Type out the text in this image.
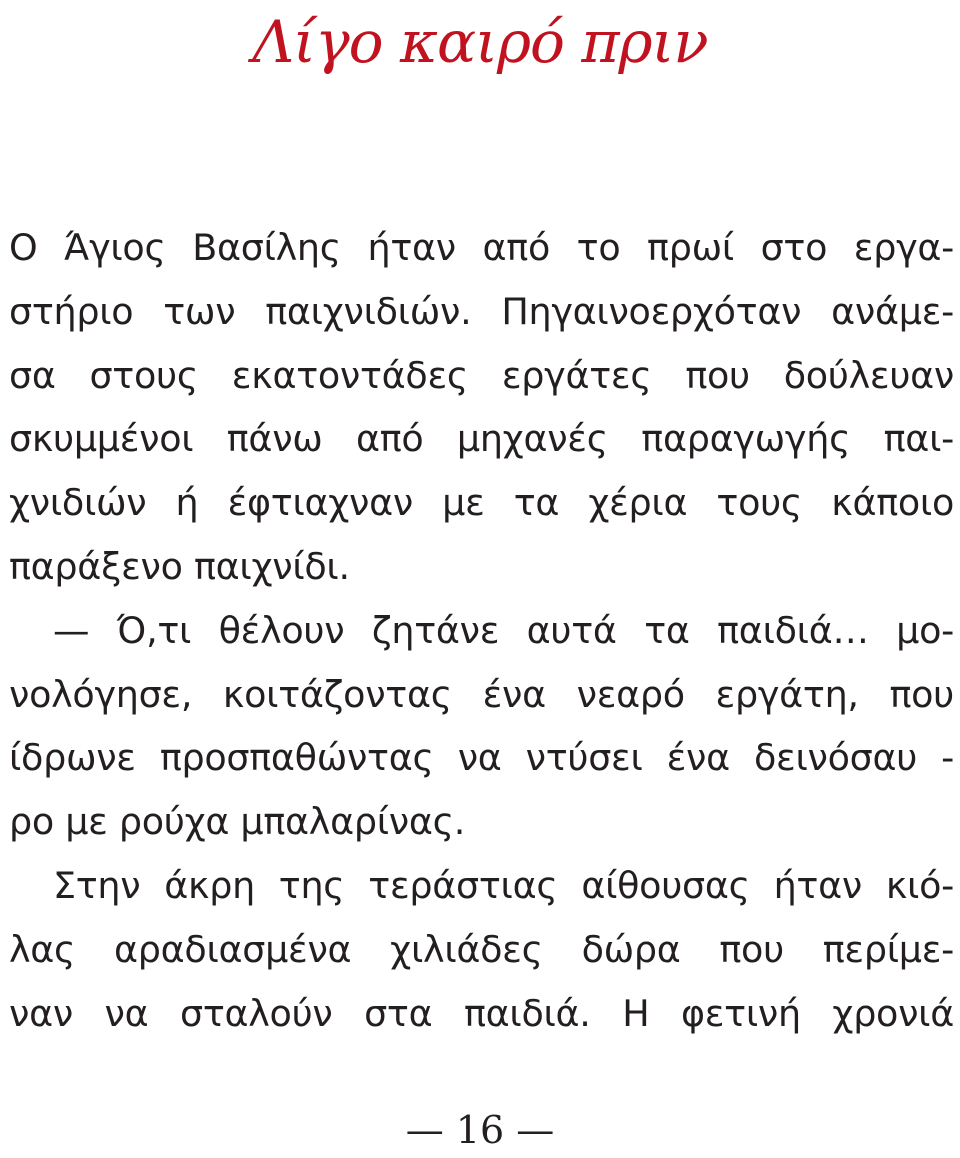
Λίγο καιρό πριν
Ο Άγιος Βασίλης ήταν από το πρωί στο εργα-
στήριο των παιχνιδιών. Πηγαινοερχόταν ανάμε-
σα στους εκατοντάδες εργάτες που δούλευαν
σκυμμένοι πάνω από μηχανές παραγωγής παι-
χνιδιών ή έφτιαχναν με τα χέρια τους κάποιο
παράξενο παιχνίδι.
— Ό,τι θέλουν ζητάνε αυτά τα παιδιά… μο-
νολόγησε, κοιτάζοντας ένα νεαρό εργάτη, που
ίδρωνε προσπαθώντας να ντύσει ένα δεινόσαυ -
ρο με ρούχα μπαλαρίνας.
Στην άκρη της τεράστιας αίθουσας ήταν κιό-
λας αραδιασμένα χιλιάδες δώρα που περίμε-
ναν να σταλούν στα παιδιά. Η φετινή χρονιά
— 16 —
